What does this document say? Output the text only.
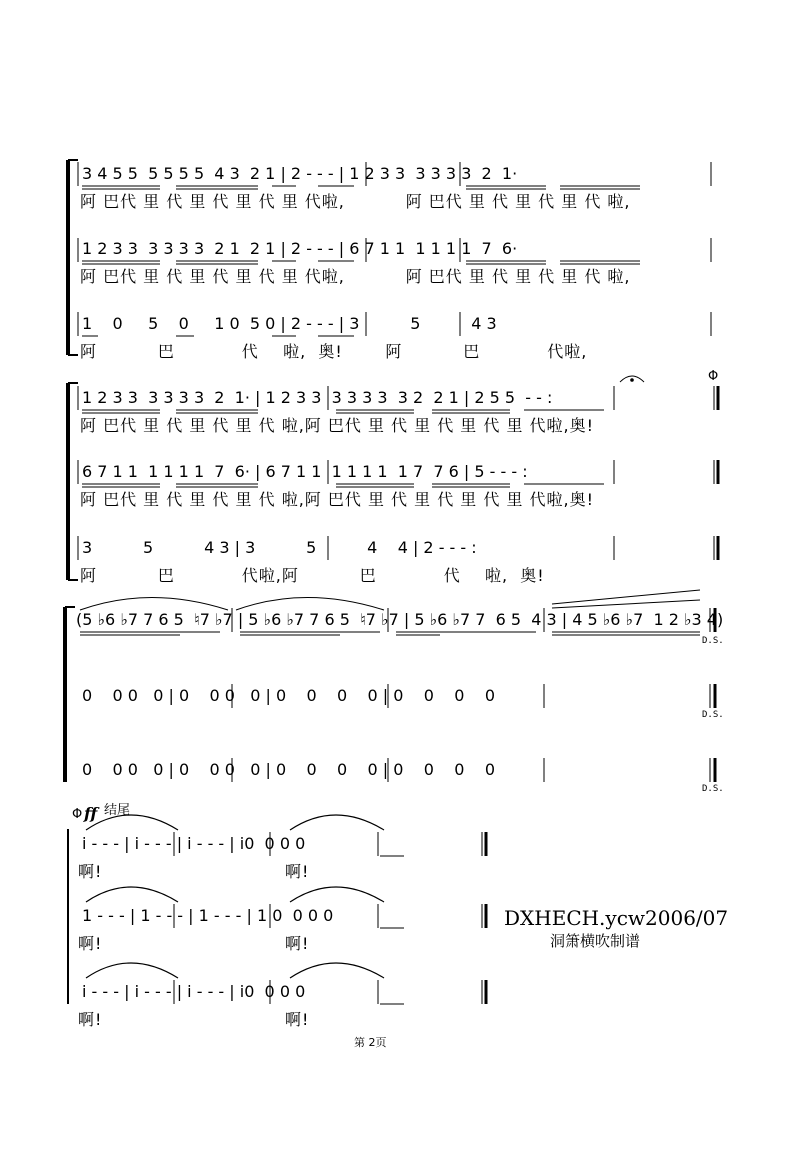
3 4 5 5  5 5 5 5  4 3  2 1 | 2 - - - | 1 2 3 3  3 3 3 3  2  1·
阿 巴代 里 代 里 代 里 代 里 代啦,          阿 巴代 里 代 里 代 里 代 啦,
1 2 3 3  3 3 3 3  2 1  2 1 | 2 - - - | 6 7 1 1  1 1 1 1  7  6·
阿 巴代 里 代 里 代 里 代 里 代啦,          阿 巴代 里 代 里 代 里 代 啦,
1    0     5    0     1 0  5 0 | 2 - - - | 3          5          4 3
阿          巴           代    啦,  奥!       阿          巴           代啦,
1 2 3 3  3 3 3 3  2  1· | 1 2 3 3  3 3 3 3  3 2  2 1 | 2 5 5  - - :
阿 巴代 里 代 里 代 里 代 啦,阿 巴代 里 代 里 代 里 代 里 代啦,奥!
6 7 1 1  1 1 1 1  7  6· | 6 7 1 1  1 1 1 1  1 7  7 6 | 5 - - - :
阿 巴代 里 代 里 代 里 代 啦,阿 巴代 里 代 里 代 里 代 里 代啦,奥!
3          5          4 3 | 3          5          4    4 | 2 - - - :
阿          巴           代啦,阿          巴           代    啦,  奥!
Φ
(5 ♭6 ♭7 7 6 5  ♮7 ♭7 | 5 ♭6 ♭7 7 6 5  ♮7 ♭7 | 5 ♭6 ♭7 7  6 5  4 3 | 4 5 ♭6 ♭7  1 2 ♭3 4)
D.S.
0    0 0   0 | 0    0 0   0 | 0    0    0    0 | 0    0    0    0
D.S.
0    0 0   0 | 0    0 0   0 | 0    0    0    0 | 0    0    0    0
D.S.
Φ ff 结尾
i - - - | i - - - | i - - - | i0  0 0 0
啊!                              啊!
1 - - - | 1 - - - | 1 - - - | 1 0  0 0 0
啊!                              啊!
i - - - | i - - - | i - - - | i0  0 0 0
啊!                              啊!
DXHECH.ycw2006/07
洞箫横吹制谱
第 2页
